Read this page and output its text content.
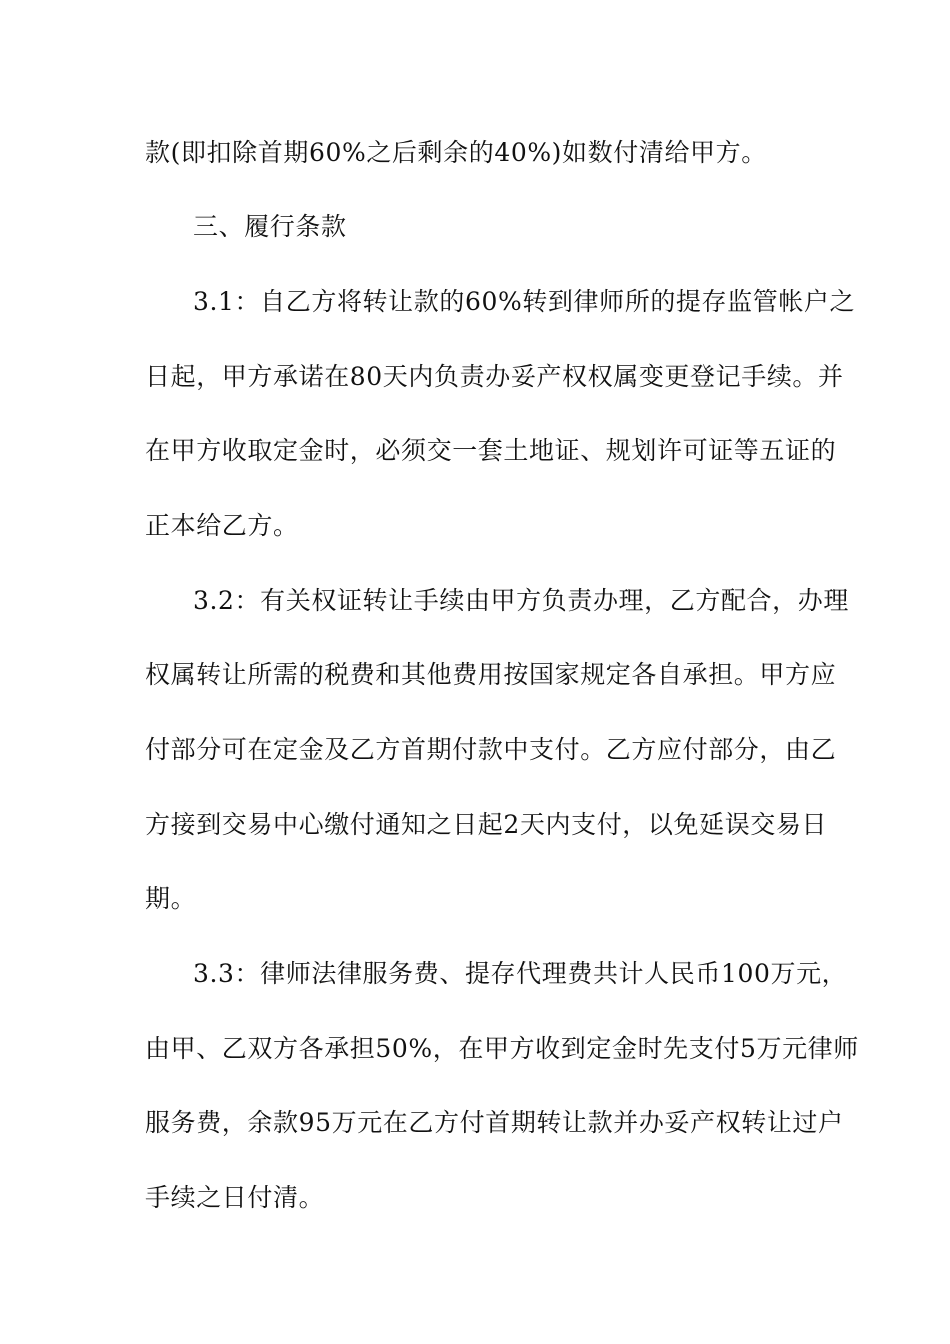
款(即扣除首期60%之后剩余的40%)如数付清给甲方。
三、履行条款
3.1：自乙方将转让款的60%转到律师所的提存监管帐户之
日起，甲方承诺在80天内负责办妥产权权属变更登记手续。并
在甲方收取定金时，必须交一套土地证、规划许可证等五证的
正本给乙方。
3.2：有关权证转让手续由甲方负责办理，乙方配合，办理
权属转让所需的税费和其他费用按国家规定各自承担。甲方应
付部分可在定金及乙方首期付款中支付。乙方应付部分，由乙
方接到交易中心缴付通知之日起2天内支付，以免延误交易日
期。
3.3：律师法律服务费、提存代理费共计人民币100万元，
由甲、乙双方各承担50%，在甲方收到定金时先支付5万元律师
服务费，余款95万元在乙方付首期转让款并办妥产权转让过户
手续之日付清。
